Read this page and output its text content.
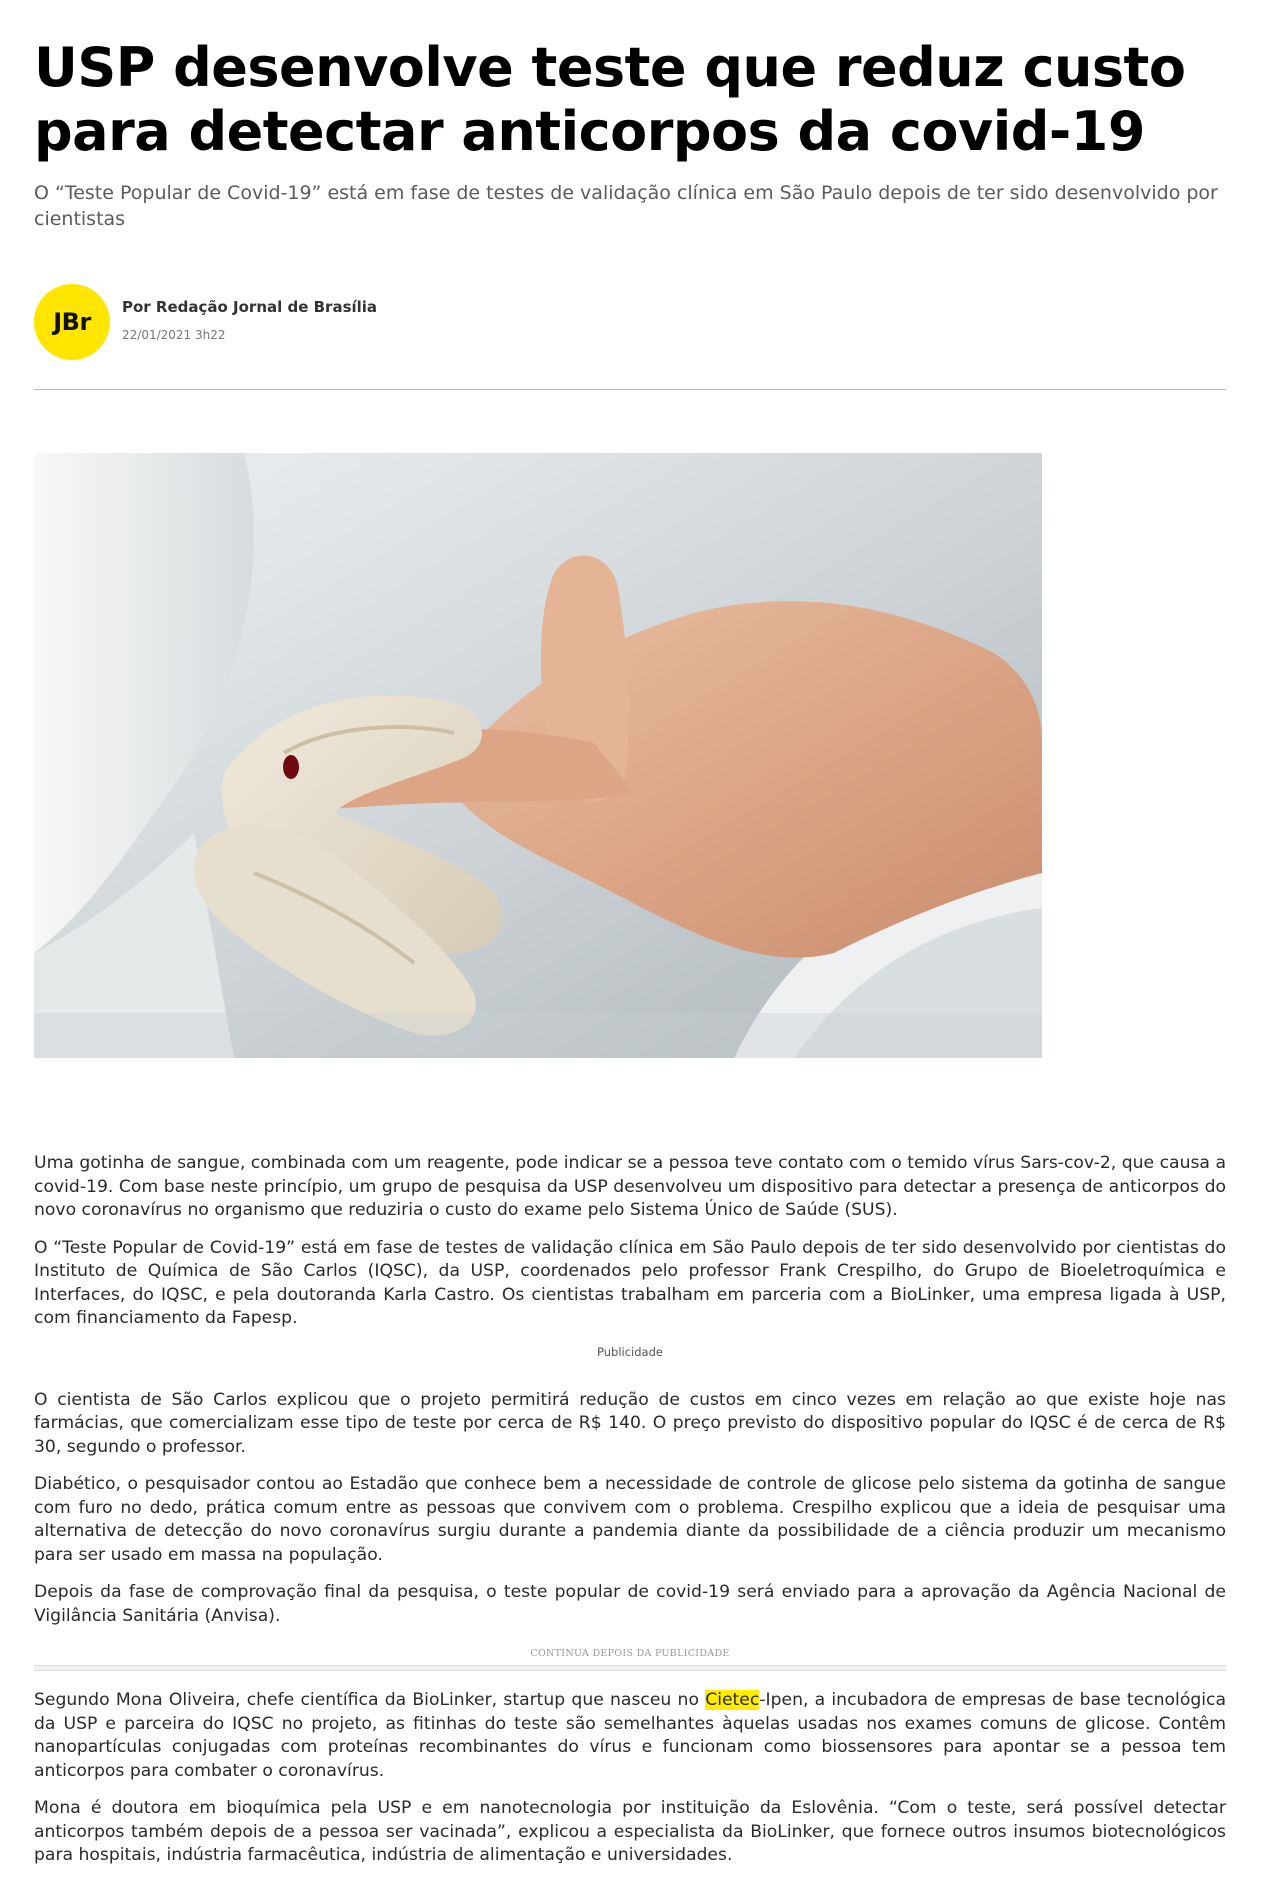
USP desenvolve teste que reduz custo para detectar anticorpos da covid-19
O “Teste Popular de Covid-19” está em fase de testes de validação clínica em São Paulo depois de ter sido desenvolvido por cientistas
JBr
Por Redação Jornal de Brasília
22/01/2021 3h22

Uma gotinha de sangue, combinada com um reagente, pode indicar se a pessoa teve contato com o temido vírus Sars-cov-2, que causa a covid-19. Com base neste princípio, um grupo de pesquisa da USP desenvolveu um dispositivo para detectar a presença de anticorpos do novo coronavírus no organismo que reduziria o custo do exame pelo Sistema Único de Saúde (SUS).

O “Teste Popular de Covid-19” está em fase de testes de validação clínica em São Paulo depois de ter sido desenvolvido por cientistas do Instituto de Química de São Carlos (IQSC), da USP, coordenados pelo professor Frank Crespilho, do Grupo de Bioeletroquímica e Interfaces, do IQSC, e pela doutoranda Karla Castro. Os cientistas trabalham em parceria com a BioLinker, uma empresa ligada à USP, com financiamento da Fapesp.

Publicidade

O cientista de São Carlos explicou que o projeto permitirá redução de custos em cinco vezes em relação ao que existe hoje nas farmácias, que comercializam esse tipo de teste por cerca de R$ 140. O preço previsto do dispositivo popular do IQSC é de cerca de R$ 30, segundo o professor.

Diabético, o pesquisador contou ao Estadão que conhece bem a necessidade de controle de glicose pelo sistema da gotinha de sangue com furo no dedo, prática comum entre as pessoas que convivem com o problema. Crespilho explicou que a ideia de pesquisar uma alternativa de detecção do novo coronavírus surgiu durante a pandemia diante da possibilidade de a ciência produzir um mecanismo para ser usado em massa na população.

Depois da fase de comprovação final da pesquisa, o teste popular de covid-19 será enviado para a aprovação da Agência Nacional de Vigilância Sanitária (Anvisa).

CONTINUA DEPOIS DA PUBLICIDADE

Segundo Mona Oliveira, chefe científica da BioLinker, startup que nasceu no Cietec-Ipen, a incubadora de empresas de base tecnológica da USP e parceira do IQSC no projeto, as fitinhas do teste são semelhantes àquelas usadas nos exames comuns de glicose. Contêm nanopartículas conjugadas com proteínas recombinantes do vírus e funcionam como biossensores para apontar se a pessoa tem anticorpos para combater o coronavírus.

Mona é doutora em bioquímica pela USP e em nanotecnologia por instituição da Eslovênia. “Com o teste, será possível detectar anticorpos também depois de a pessoa ser vacinada”, explicou a especialista da BioLinker, que fornece outros insumos biotecnológicos para hospitais, indústria farmacêutica, indústria de alimentação e universidades.
